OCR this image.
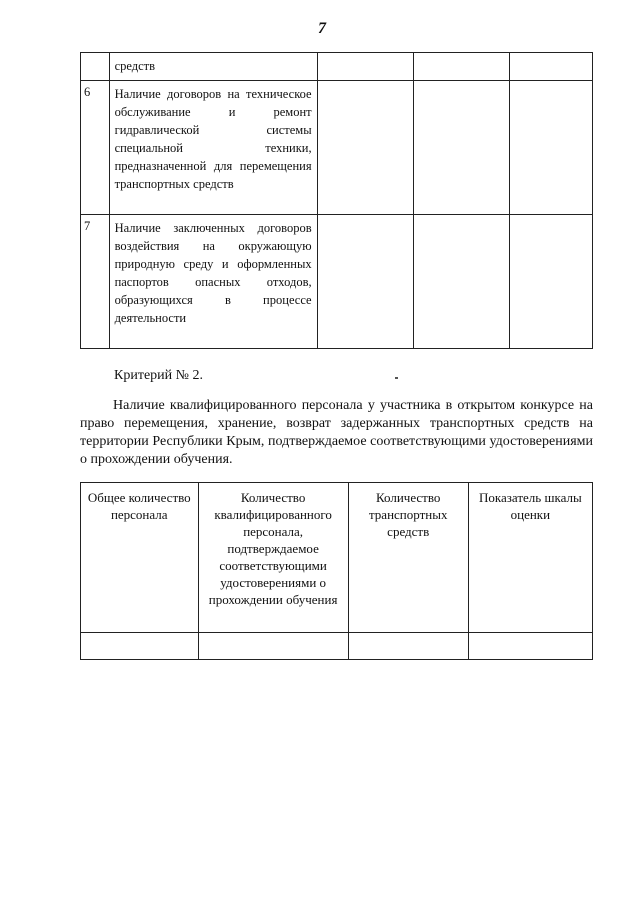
7
	средств			
6	Наличие договоров на техническое обслуживание и ремонт гидравлической системы специальной техники, предназначенной для перемещения транспортных средств			
7	Наличие заключенных договоров воздействия на окружающую природную среду и оформленных паспортов опасных отходов, образующихся в процессе деятельности			
Критерий № 2.

Наличие квалифицированного персонала у участника в открытом конкурсе на право перемещения, хранение, возврат задержанных транспортных средств на территории Республики Крым, подтверждаемое соответствующими удостоверениями о прохождении обучения.

Общее количество персонала	Количество квалифицированного персонала, подтверждаемое соответствующими удостоверениями о прохождении обучения	Количество транспортных средств	Показатель шкалы оценки
